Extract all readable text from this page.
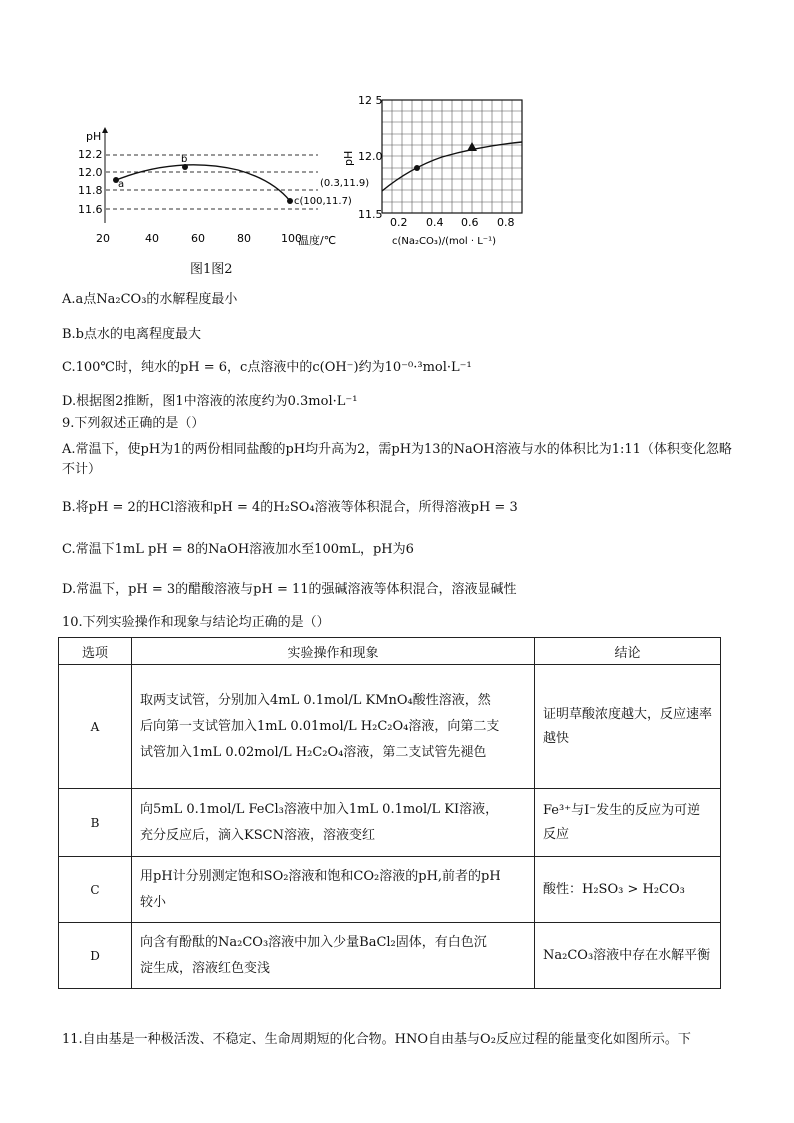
pH
12.2
12.0
11.8
11.6
a
b
c(100,11.7)
20	40	60	80	100
温度/℃
12 5
12.0
11.5
pH
(0.3,11.9)
0.2 0.4 0.6 0.8
c(Na₂CO₃)/(mol · L⁻¹)
图1图2
A.a点Na₂CO₃的水解程度最小
B.b点水的电离程度最大
C.100℃时，纯水的pH = 6，c点溶液中的c(OH⁻)约为10⁻⁰·³mol·L⁻¹
D.根据图2推断，图1中溶液的浓度约为0.3mol·L⁻¹
9.下列叙述正确的是（）
A.常温下，使pH为1的两份相同盐酸的pH均升高为2，需pH为13的NaOH溶液与水的体积比为1:11（体积变化忽略不计）
B.将pH = 2的HCl溶液和pH = 4的H₂SO₄溶液等体积混合，所得溶液pH = 3
C.常温下1mL pH = 8的NaOH溶液加水至100mL，pH为6
D.常温下，pH = 3的醋酸溶液与pH = 11的强碱溶液等体积混合，溶液显碱性
10.下列实验操作和现象与结论均正确的是（）
选项	实验操作和现象	结论
A	取两支试管，分别加入4mL 0.1mol/L KMnO₄酸性溶液，然
后向第一支试管加入1mL 0.01mol/L H₂C₂O₄溶液，向第二支
试管加入1mL 0.02mol/L H₂C₂O₄溶液，第二支试管先褪色	证明草酸浓度越大，反应速率越快
B	向5mL 0.1mol/L FeCl₃溶液中加入1mL 0.1mol/L KI溶液，
充分反应后，滴入KSCN溶液，溶液变红	Fe³⁺与I⁻发生的反应为可逆反应
C	用pH计分别测定饱和SO₂溶液和饱和CO₂溶液的pH,前者的pH
较小	酸性：H₂SO₃ > H₂CO₃
D	向含有酚酞的Na₂CO₃溶液中加入少量BaCl₂固体，有白色沉
淀生成，溶液红色变浅	Na₂CO₃溶液中存在水解平衡
11.自由基是一种极活泼、不稳定、生命周期短的化合物。HNO自由基与O₂反应过程的能量变化如图所示。下
